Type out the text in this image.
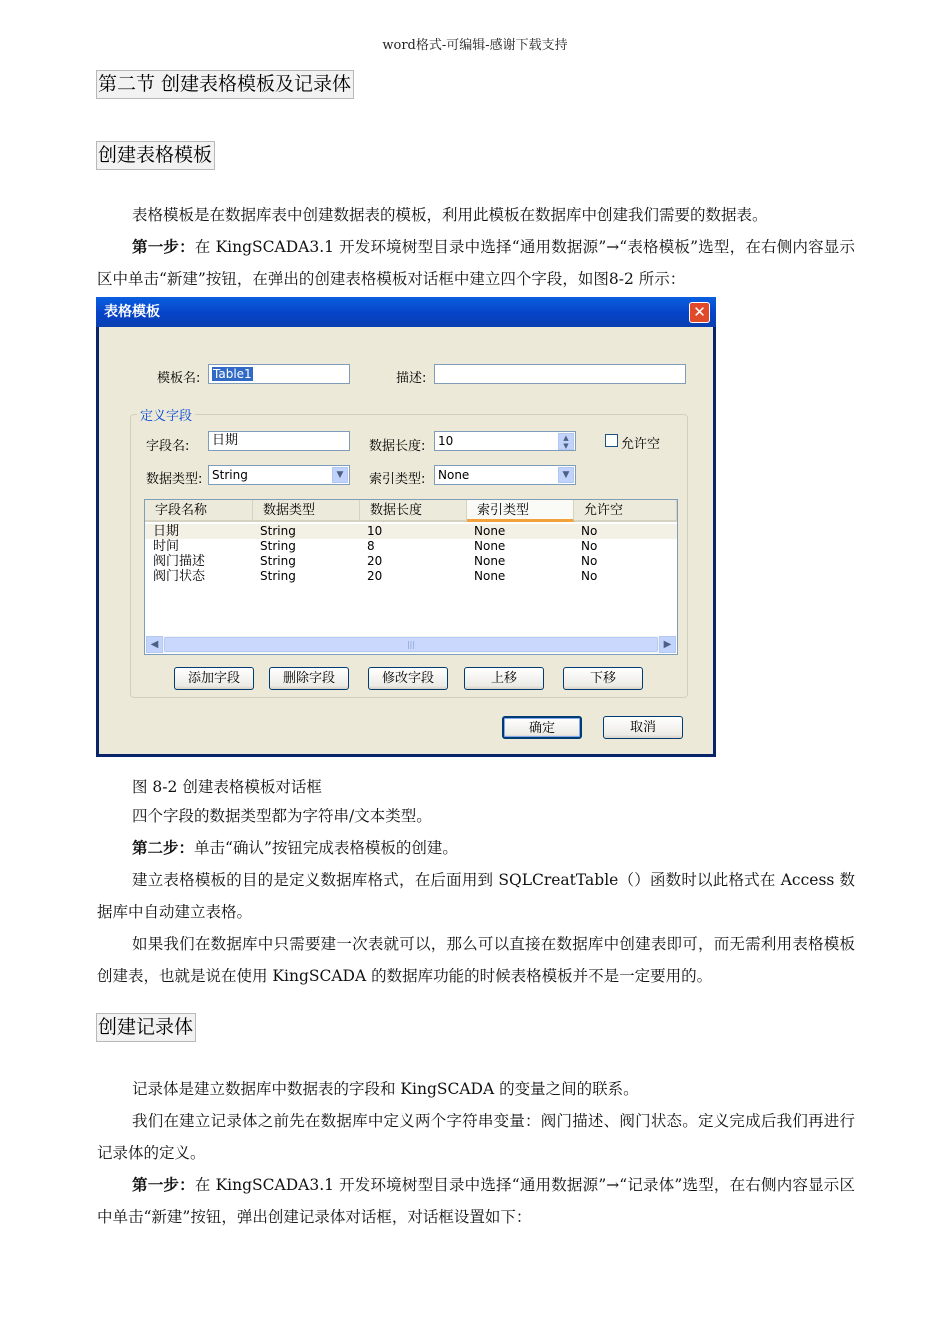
word格式-可编辑-感谢下载支持
第二节 创建表格模板及记录体
创建表格模板
表格模板是在数据库表中创建数据表的模板，利用此模板在数据库中创建我们需要的数据表。
第一步：在 KingSCADA3.1 开发环境树型目录中选择“通用数据源”→“表格模板”选型，在右侧内容显示区中单击“新建”按钮，在弹出的创建表格模板对话框中建立四个字段，如图8-2 所示：
表格模板	✕
模板名:	Table1	描述:
定义字段
字段名:	日期	数据长度:	10	▲
▼	允许空
数据类型: String	▼	索引类型:	None	▼
字段名称	数据类型	数据长度	索引类型	允许空
日期	String	10	None	No
时间	String	8	None	No
阀门描述	String	20	None	No
阀门状态	String	20	None	No
◀	|||	▶
添加字段	删除字段	修改字段	上移	下移
确定	取消
图 8-2 创建表格模板对话框
四个字段的数据类型都为字符串/文本类型。
第二步：单击“确认”按钮完成表格模板的创建。
建立表格模板的目的是定义数据库格式，在后面用到 SQLCreatTable（）函数时以此格式在 Access 数据库中自动建立表格。
如果我们在数据库中只需要建一次表就可以，那么可以直接在数据库中创建表即可，而无需利用表格模板创建表，也就是说在使用 KingSCADA 的数据库功能的时候表格模板并不是一定要用的。
创建记录体
记录体是建立数据库中数据表的字段和 KingSCADA 的变量之间的联系。
我们在建立记录体之前先在数据库中定义两个字符串变量：阀门描述、阀门状态。定义完成后我们再进行记录体的定义。
第一步：在 KingSCADA3.1 开发环境树型目录中选择“通用数据源”→“记录体”选型，在右侧内容显示区中单击“新建”按钮，弹出创建记录体对话框，对话框设置如下：
